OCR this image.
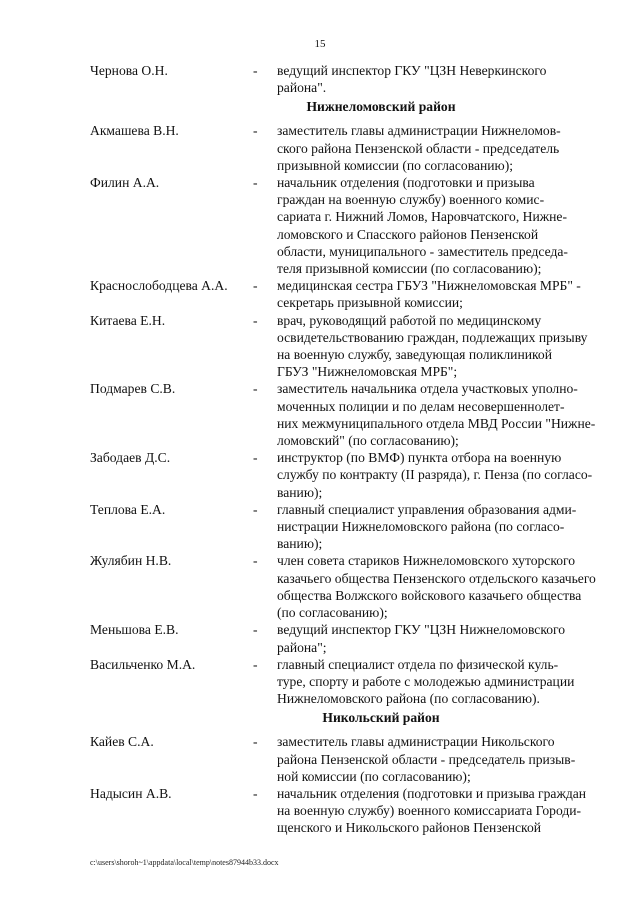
15
Чернова О.Н.	-	ведущий инспектор ГКУ "ЦЗН Неверкинского
района".
Нижнеломовский район
Акмашева В.Н.	-	заместитель главы администрации Нижнеломов-
ского района Пензенской области - председатель
призывной комиссии (по согласованию);
Филин А.А.	-	начальник отделения (подготовки и призыва
граждан на военную службу) военного комис-
сариата г. Нижний Ломов, Наровчатского, Нижне-
ломовского и Спасского районов Пензенской
области, муниципального - заместитель председа-
теля призывной комиссии (по согласованию);
Краснослободцева А.А.	-	медицинская сестра ГБУЗ "Нижнеломовская МРБ" -
секретарь призывной комиссии;
Китаева Е.Н.	-	врач, руководящий работой по медицинскому
освидетельствованию граждан, подлежащих призыву
на военную службу, заведующая поликлиникой
ГБУЗ "Нижнеломовская МРБ";
Подмарев С.В.	-	заместитель начальника отдела участковых уполно-
моченных полиции и по делам несовершеннолет-
них межмуниципального отдела МВД России "Нижне-
ломовский" (по согласованию);
Забодаев Д.С.	-	инструктор (по ВМФ) пункта отбора на военную
службу по контракту (II разряда), г. Пенза (по согласо-
ванию);
Теплова Е.А.	-	главный специалист управления образования адми-
нистрации Нижнеломовского района (по согласо-
ванию);
Жулябин Н.В.	-	член совета стариков Нижнеломовского хуторского
казачьего общества Пензенского отдельского казачьего
общества Волжского войскового казачьего общества
(по согласованию);
Меньшова Е.В.	-	ведущий инспектор ГКУ "ЦЗН Нижнеломовского
района";
Васильченко М.А.	-	главный специалист отдела по физической куль-
туре, спорту и работе с молодежью администрации
Нижнеломовского района (по согласованию).
Никольский район
Кайев С.А.	-	заместитель главы администрации Никольского
района Пензенской области - председатель призыв-
ной комиссии (по согласованию);
Надысин А.В.	-	начальник отделения (подготовки и призыва граждан
на военную службу) военного комиссариата Городи-
щенского и Никольского районов Пензенской
c:\users\shoroh~1\appdata\local\temp\notes87944b33.docx
